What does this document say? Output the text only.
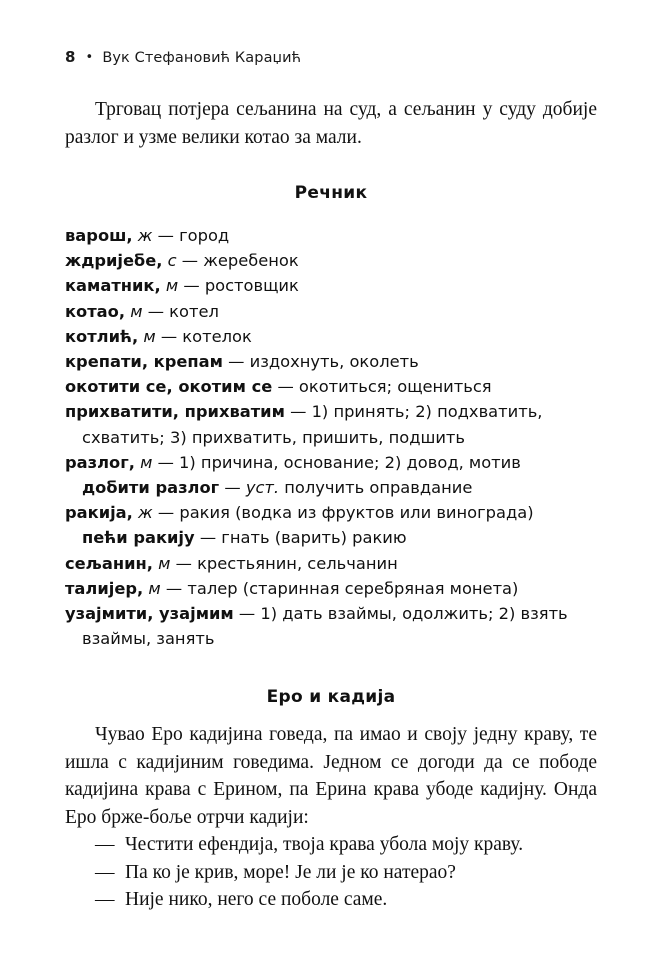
8 • Вук Стефановић Караџић

Трговац потјера сељанина на суд, а сељанин у суду добије разлог и узме велики котао за мали.

Речник
варош, ж — город
ждријебе, с — жеребенок
каматник, м — ростовщик
котао, м — котел
котлић, м — котелок
крепати, крепам — издохнуть, околеть
окотити се, окотим се — окотиться; ощениться
прихватити, прихватим — 1) принять; 2) подхватить, схватить; 3) прихватить, пришить, подшить
разлог, м — 1) причина, основание; 2) довод, мотив
добити разлог — уст. получить оправдание
ракија, ж — ракия (водка из фруктов или винограда)
пећи ракију — гнать (варить) ракию
сељанин, м — крестьянин, сельчанин
талијер, м — талер (старинная серебряная монета)
узајмити, узајмим — 1) дать взаймы, одолжить; 2) взять взаймы, занять
Еро и кадија

Чувао Еро кадијина говеда, па имао и своју једну краву, те ишла с кадијиним говедима. Једном се догоди да се пободе кадијина крава с Ерином, па Ерина крава убоде кадијну. Онда Еро брже-боље отрчи кадији:

— Честити ефендија, твоја крава убола моју краву.

— Па ко је крив, море! Је ли је ко натерао?

— Није нико, него се поболе саме.
